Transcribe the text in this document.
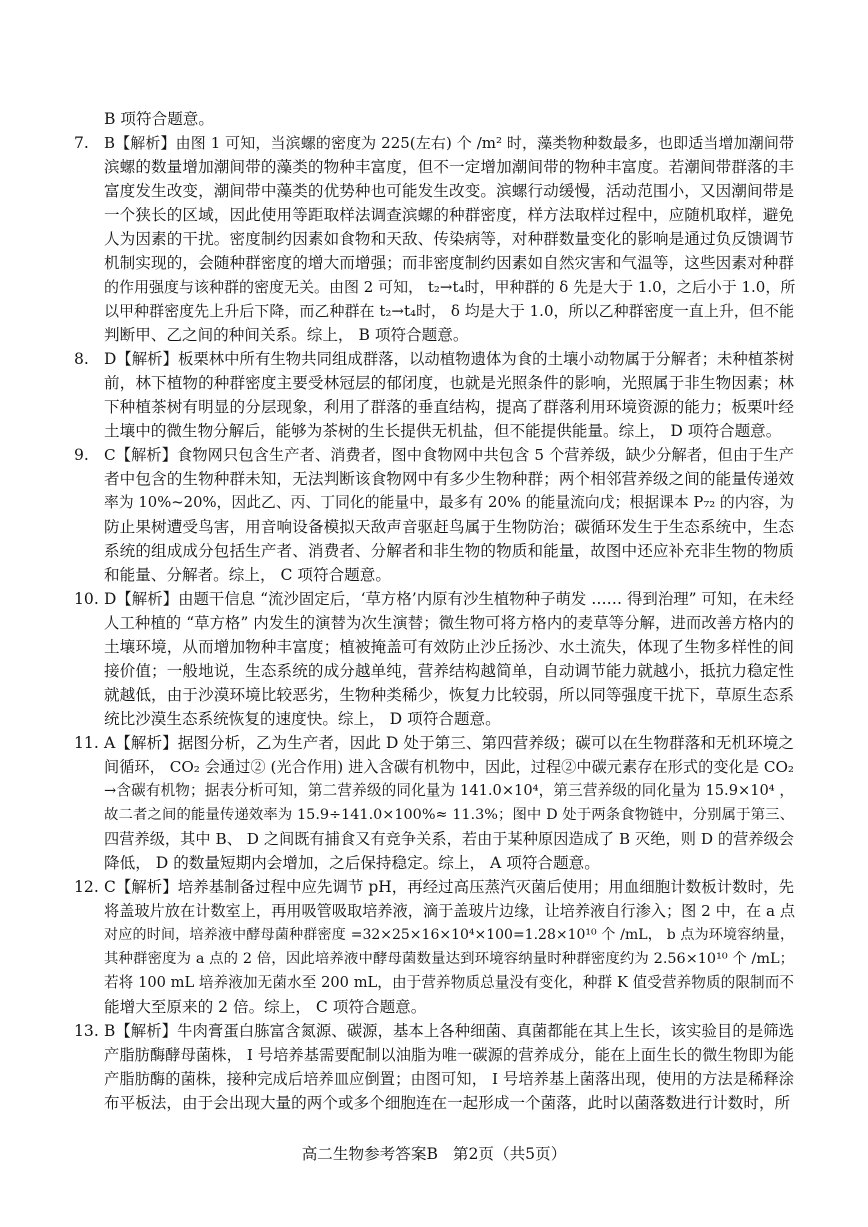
B 项符合题意。
7. B【解析】由图 1 可知，当滨螺的密度为 225(左右) 个 /m² 时，藻类物种数最多，也即适当增加潮间带
滨螺的数量增加潮间带的藻类的物种丰富度，但不一定增加潮间带的物种丰富度。若潮间带群落的丰
富度发生改变，潮间带中藻类的优势种也可能发生改变。滨螺行动缓慢，活动范围小，又因潮间带是
一个狭长的区域，因此使用等距取样法调查滨螺的种群密度，样方法取样过程中，应随机取样，避免
人为因素的干扰。密度制约因素如食物和天敌、传染病等，对种群数量变化的影响是通过负反馈调节
机制实现的，会随种群密度的增大而增强；而非密度制约因素如自然灾害和气温等，这些因素对种群
的作用强度与该种群的密度无关。由图 2 可知， t₂→t₄时，甲种群的 δ 先是大于 1.0，之后小于 1.0，所
以甲种群密度先上升后下降，而乙种群在 t₂→t₄时， δ 均是大于 1.0，所以乙种群密度一直上升，但不能
判断甲、乙之间的种间关系。综上， B 项符合题意。
8. D【解析】板栗林中所有生物共同组成群落，以动植物遗体为食的土壤小动物属于分解者；未种植茶树
前，林下植物的种群密度主要受林冠层的郁闭度，也就是光照条件的影响，光照属于非生物因素；林
下种植茶树有明显的分层现象，利用了群落的垂直结构，提高了群落利用环境资源的能力；板栗叶经
土壤中的微生物分解后，能够为茶树的生长提供无机盐，但不能提供能量。综上， D 项符合题意。
9. C【解析】食物网只包含生产者、消费者，图中食物网中共包含 5 个营养级，缺少分解者，但由于生产
者中包含的生物种群未知，无法判断该食物网中有多少生物种群；两个相邻营养级之间的能量传递效
率为 10%~20%，因此乙、丙、丁同化的能量中，最多有 20% 的能量流向戊；根据课本 P₇₂ 的内容，为
防止果树遭受鸟害，用音响设备模拟天敌声音驱赶鸟属于生物防治；碳循环发生于生态系统中，生态
系统的组成成分包括生产者、消费者、分解者和非生物的物质和能量，故图中还应补充非生物的物质
和能量、分解者。综上， C 项符合题意。
10. D【解析】由题干信息 “流沙固定后，‘草方格’内原有沙生植物种子萌发 …… 得到治理” 可知，在未经
人工种植的 “草方格” 内发生的演替为次生演替；微生物可将方格内的麦草等分解，进而改善方格内的
土壤环境，从而增加物种丰富度；植被掩盖可有效防止沙丘扬沙、水土流失，体现了生物多样性的间
接价值；一般地说，生态系统的成分越单纯，营养结构越简单，自动调节能力就越小，抵抗力稳定性
就越低，由于沙漠环境比较恶劣，生物种类稀少，恢复力比较弱，所以同等强度干扰下，草原生态系
统比沙漠生态系统恢复的速度快。综上， D 项符合题意。
11. A【解析】据图分析，乙为生产者，因此 D 处于第三、第四营养级；碳可以在生物群落和无机环境之
间循环， CO₂ 会通过② (光合作用) 进入含碳有机物中，因此，过程②中碳元素存在形式的变化是 CO₂
→含碳有机物；据表分析可知，第二营养级的同化量为 141.0×10⁴，第三营养级的同化量为 15.9×10⁴ ，
故二者之间的能量传递效率为 15.9÷141.0×100%≈ 11.3%；图中 D 处于两条食物链中，分别属于第三、
四营养级，其中 B、 D 之间既有捕食又有竞争关系，若由于某种原因造成了 B 灭绝，则 D 的营养级会
降低， D 的数量短期内会增加，之后保持稳定。综上， A 项符合题意。
12. C【解析】培养基制备过程中应先调节 pH，再经过高压蒸汽灭菌后使用；用血细胞计数板计数时，先
将盖玻片放在计数室上，再用吸管吸取培养液，滴于盖玻片边缘，让培养液自行渗入；图 2 中，在 a 点
对应的时间，培养液中酵母菌种群密度 =32×25×16×10⁴×100=1.28×10¹⁰ 个 /mL， b 点为环境容纳量，
其种群密度为 a 点的 2 倍，因此培养液中酵母菌数量达到环境容纳量时种群密度约为 2.56×10¹⁰ 个 /mL；
若将 100 mL 培养液加无菌水至 200 mL，由于营养物质总量没有变化，种群 K 值受营养物质的限制而不
能增大至原来的 2 倍。综上， C 项符合题意。
13. B【解析】牛肉膏蛋白胨富含氮源、碳源，基本上各种细菌、真菌都能在其上生长，该实验目的是筛选
产脂肪酶酵母菌株， I 号培养基需要配制以油脂为唯一碳源的营养成分，能在上面生长的微生物即为能
产脂肪酶的菌株，接种完成后培养皿应倒置；由图可知， I 号培养基上菌落出现，使用的方法是稀释涂
布平板法，由于会出现大量的两个或多个细胞连在一起形成一个菌落，此时以菌落数进行计数时，所
高二生物参考答案B 第2页（共5页）
